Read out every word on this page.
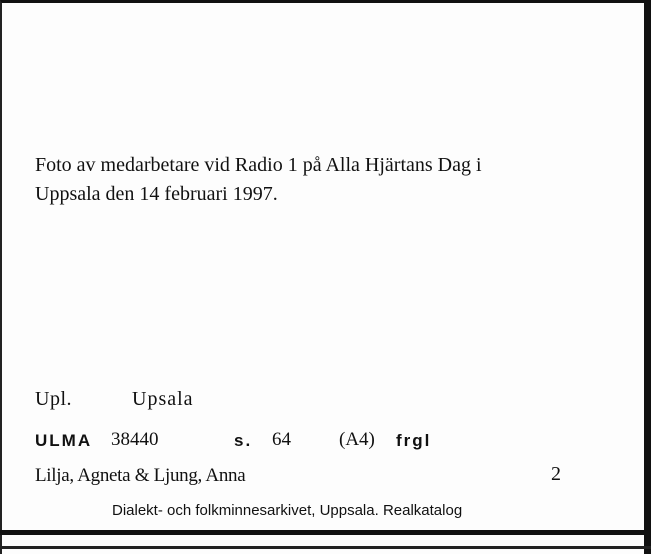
Foto av medarbetare vid Radio 1 på Alla Hjärtans Dag i
Uppsala den 14 februari 1997.
Upl.	Upsala
ULMA 38440	s. 64	(A4) frgl
Lilja, Agneta & Ljung, Anna	2
Dialekt- och folkminnesarkivet, Uppsala. Realkatalog
